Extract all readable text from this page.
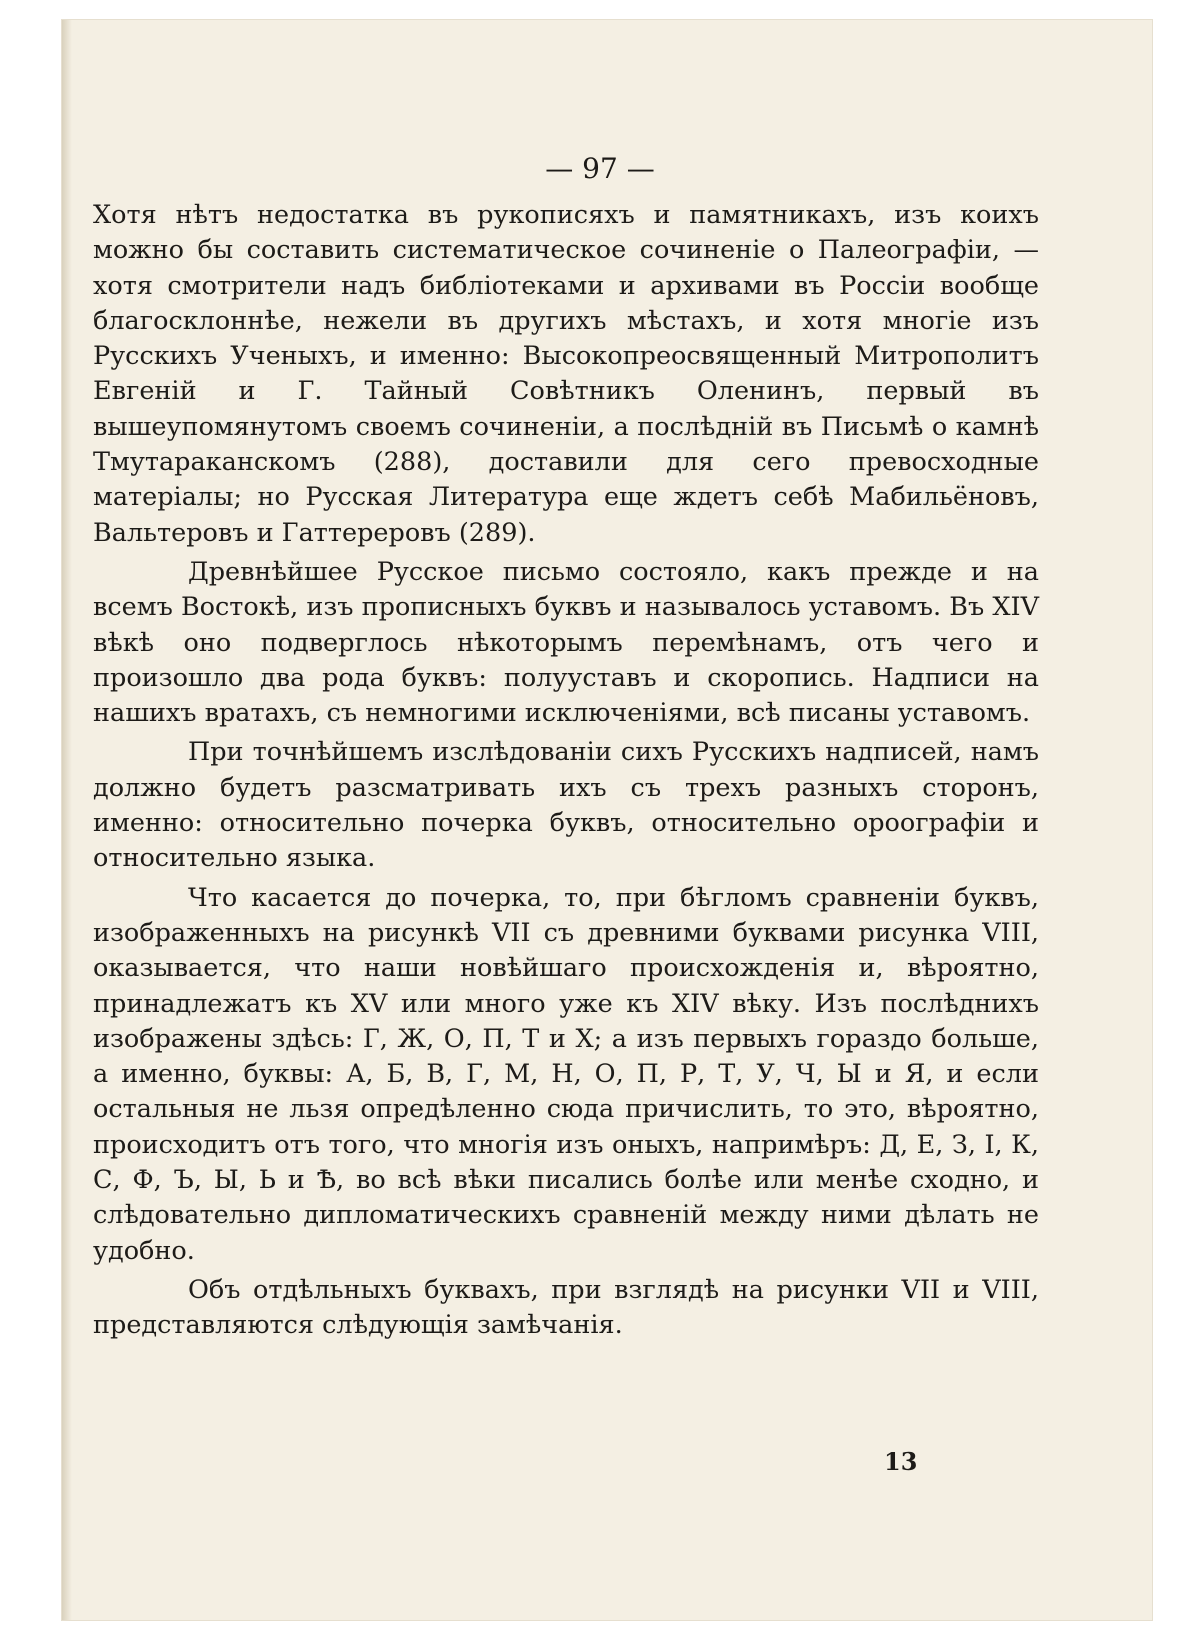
— 97 —

Хотя нѣтъ недостатка въ рукописяхъ и памятникахъ, изъ коихъ можно бы составить систематическое сочиненіе о Палеографіи, — хотя смотрители надъ библіотеками и архивами въ Россіи вообще благосклоннѣе, нежели въ другихъ мѣстахъ, и хотя многіе изъ Русскихъ Ученыхъ, и именно: Высокопреосвященный Митрополитъ Евгеній и Г. Тайный Совѣтникъ Оленинъ, первый въ вышеупомянутомъ своемъ сочиненіи, а послѣдній въ Письмѣ о камнѣ Тмутараканскомъ (288), доставили для сего превосходные матеріалы; но Русская Литература еще ждетъ себѣ Мабильёновъ, Вальтеровъ и Гаттереровъ (289).

Древнѣйшее Русское письмо состояло, какъ прежде и на всемъ Востокѣ, изъ прописныхъ буквъ и называлось уставомъ. Въ XIV вѣкѣ оно подверглось нѣкоторымъ перемѣнамъ, отъ чего и произошло два рода буквъ: полууставъ и скоропись. Надписи на нашихъ вратахъ, съ немногими исключеніями, всѣ писаны уставомъ.

При точнѣйшемъ изслѣдованіи сихъ Русскихъ надписей, намъ должно будетъ разсматривать ихъ съ трехъ разныхъ сторонъ, именно: относительно почерка буквъ, относительно ороографіи и относительно языка.

Что касается до почерка, то, при бѣгломъ сравненіи буквъ, изображенныхъ на рисункѣ VII съ древними буквами рисунка VIII, оказывается, что наши новѣйшаго происхожденія и, вѣроятно, принадлежатъ къ XV или много уже къ XIV вѣку. Изъ послѣднихъ изображены здѣсь: Г, Ж, О, П, Т и Х; а изъ первыхъ гораздо больше, а именно, буквы: А, Б, В, Г, М, Н, О, П, Р, Т, У, Ч, Ы и Я, и если остальныя не льзя опредѣленно сюда причислить, то это, вѣроятно, происходитъ отъ того, что многія изъ оныхъ, напримѣръ: Д, Е, З, І, К, С, Ф, Ъ, Ы, Ь и Ѣ, во всѣ вѣки писались болѣе или менѣе сходно, и слѣдовательно дипломатическихъ сравненій между ними дѣлать не удобно.

Объ отдѣльныхъ буквахъ, при взглядѣ на рисунки VII и VIII, представляются слѣдующія замѣчанія.

13
